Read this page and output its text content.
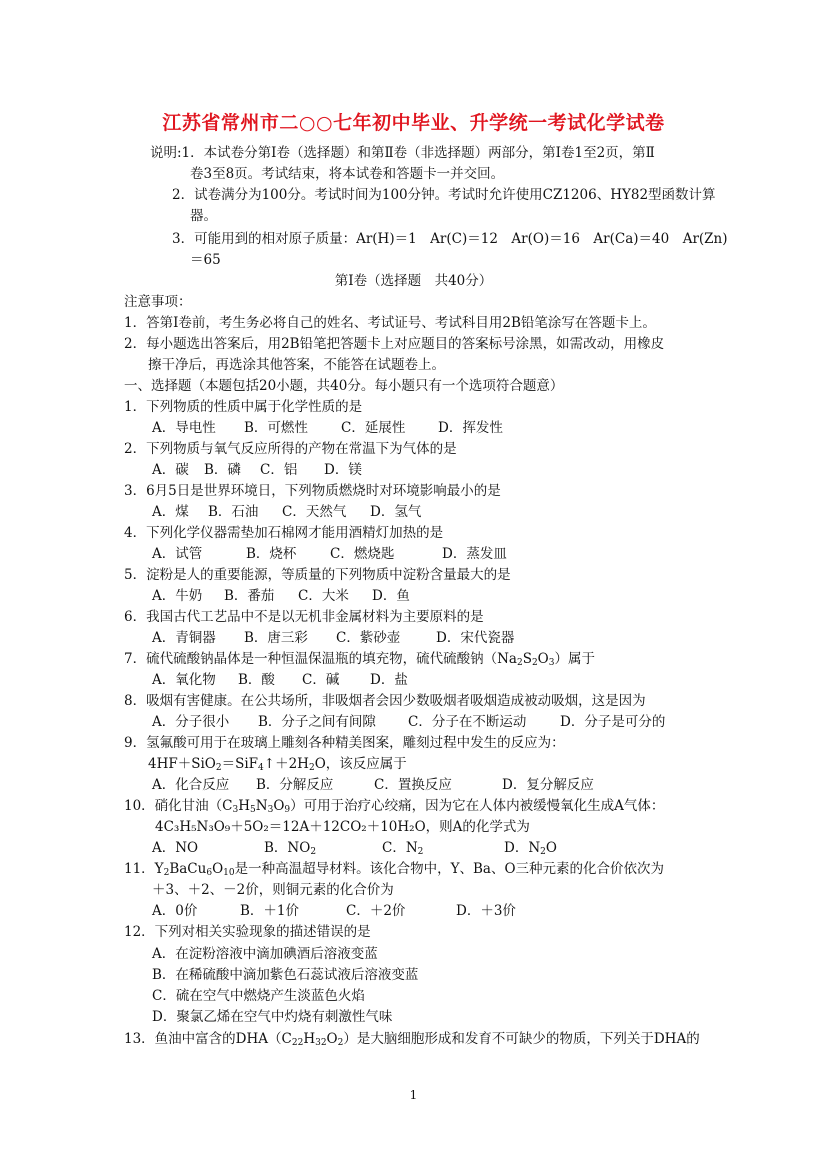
江苏省常州市二○○七年初中毕业、升学统一考试化学试卷
说明:1．本试卷分第Ⅰ卷（选择题）和第Ⅱ卷（非选择题）两部分，第Ⅰ卷1至2页，第Ⅱ
卷3至8页。考试结束，将本试卷和答题卡一并交回。
2．试卷满分为100分。考试时间为100分钟。考试时允许使用CZ1206、HY82型函数计算
器。
3．可能用到的相对原子质量：Ar(H)＝1　Ar(C)＝12　Ar(O)＝16　Ar(Ca)＝40　Ar(Zn)
＝65
第Ⅰ卷（选择题　共40分）
注意事项：
1．答第Ⅰ卷前，考生务必将自己的姓名、考试证号、考试科目用2B铅笔涂写在答题卡上。
2．每小题选出答案后，用2B铅笔把答题卡上对应题目的答案标号涂黑，如需改动，用橡皮
擦干净后，再选涂其他答案，不能答在试题卷上。
一、选择题（本题包括20小题，共40分。每小题只有一个选项符合题意）
1．下列物质的性质中属于化学性质的是
A．导电性 B．可燃性 C．延展性 D．挥发性
2．下列物质与氧气反应所得的产物在常温下为气体的是
A．碳 B．磷 C．铝 D．镁
3．6月5日是世界环境日，下列物质燃烧时对环境影响最小的是
A．煤 B．石油 C．天然气 D．氢气
4．下列化学仪器需垫加石棉网才能用酒精灯加热的是
A．试管	B．烧杯 C．燃烧匙	D．蒸发皿
5．淀粉是人的重要能源，等质量的下列物质中淀粉含量最大的是
A．牛奶 B．番茄 C．大米 D．鱼
6．我国古代工艺品中不是以无机非金属材料为主要原料的是
A．青铜器 B．唐三彩 C．紫砂壶	D．宋代瓷器
7．硫代硫酸钠晶体是一种恒温保温瓶的填充物，硫代硫酸钠$(Na_2S_2O_3)$属于
A．氧化物 B．酸 C．碱 D．盐
8．吸烟有害健康。在公共场所，非吸烟者会因少数吸烟者吸烟造成被动吸烟，这是因为
A．分子很小 B．分子之间有间隙 C．分子在不断运动 D．分子是可分的
9．氢氟酸可用于在玻璃上雕刻各种精美图案，雕刻过程中发生的反应为：
$4HF+SiO_2=SiF_4↑+2H_2O$，该反应属于
A．化合反应 B．分解反应	C．置换反应	D．复分解反应
10．硝化甘油$(C_3H_5N_3O_9)$可用于治疗心绞痛，因为它在人体内被缓慢氧化生成A气体：
4C₃H₅N₃O₉＋5O₂＝12A＋12CO₂＋10H₂O，则A的化学式为
A．NO	B．$NO_2$	C．$N_2$	D．$N_2O$
11．$Y_2BaCu_6O_{10}$是一种高温超导材料。该化合物中，Y、Ba、O三种元素的化合价依次为
＋3、＋2、－2价，则铜元素的化合价为
A．0价	B．＋1价	C．＋2价	D．＋3价
12．下列对相关实验现象的描述错误的是
A．在淀粉溶液中滴加碘酒后溶液变蓝
B．在稀硫酸中滴加紫色石蕊试液后溶液变蓝
C．硫在空气中燃烧产生淡蓝色火焰
D．聚氯乙烯在空气中灼烧有刺激性气味
13．鱼油中富含的$DHA(C_{22}H_{32}O_2)$是大脑细胞形成和发育不可缺少的物质，下列关于DHA的
1
